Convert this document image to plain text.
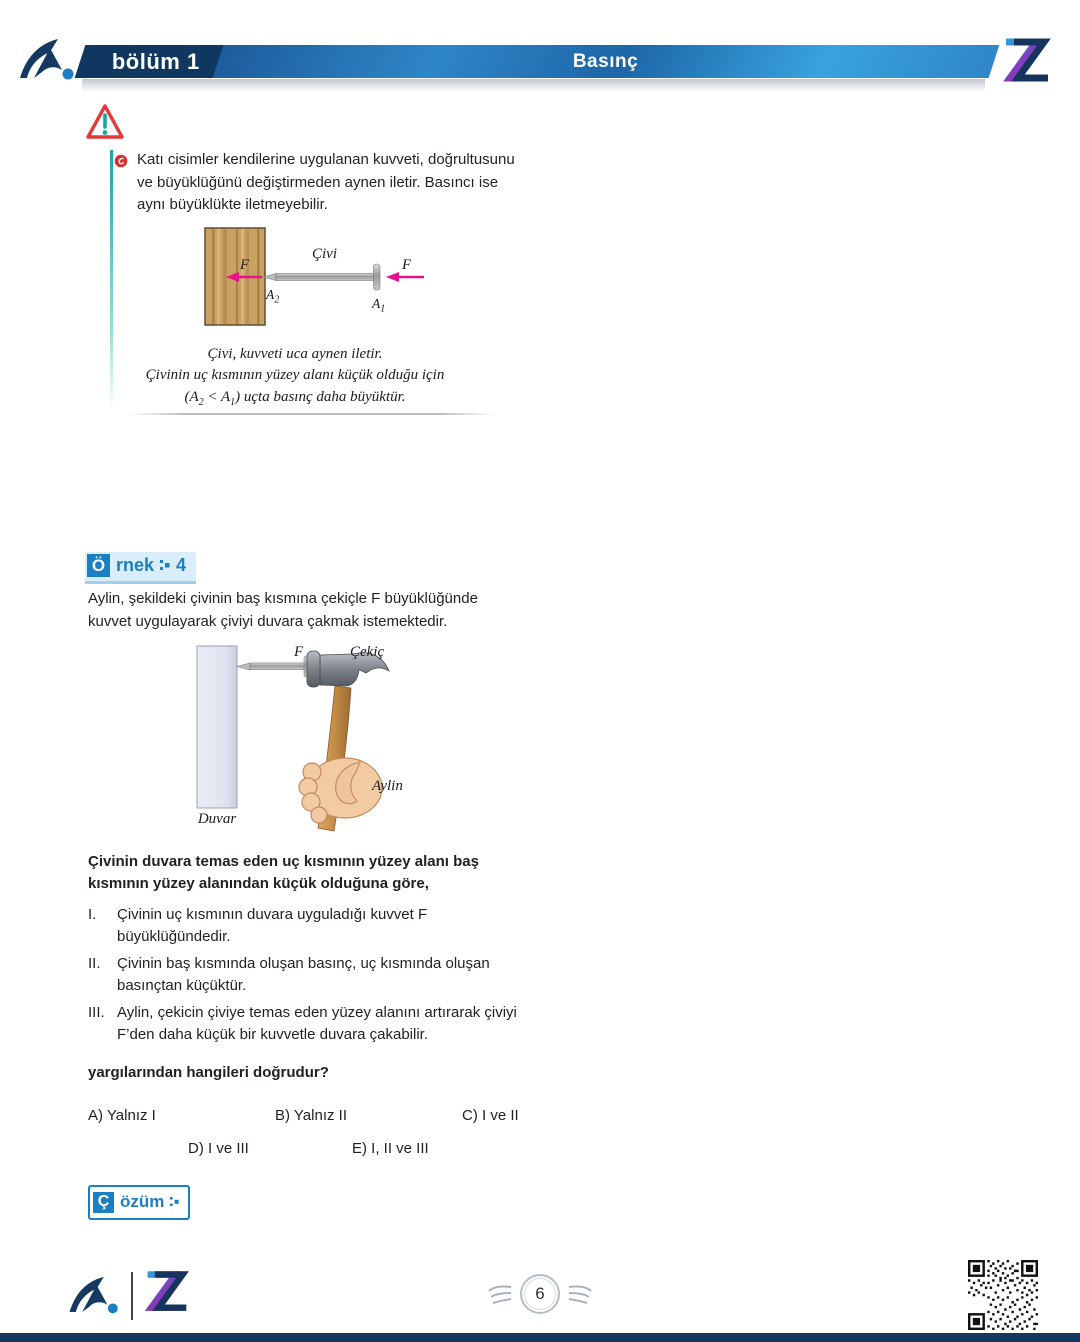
bölüm 1	Basınç
Katı cisimler kendilerine uygulanan kuvveti, doğrultusunu ve büyüklüğünü değiştirmeden aynen iletir. Basıncı ise aynı büyüklükte iletmeyebilir.
Çivi
F	F
$A_2$	$A_1$
Çivi, kuvveti uca aynen iletir.
Çivinin uç kısmının yüzey alanı küçük olduğu için
$(A_2 < A_1)$ uçta basınç daha büyüktür.
Ö rnek 4
Aylin, şekildeki çivinin baş kısmına çekiçle F büyüklüğünde kuvvet uygulayarak çiviyi duvara çakmak istemektedir.
F	Çekiç
Aylin
Duvar
Çivinin duvara temas eden uç kısmının yüzey alanı baş kısmının yüzey alanından küçük olduğuna göre,
I.	Çivinin uç kısmının duvara uyguladığı kuvvet F büyüklüğündedir.
II.	Çivinin baş kısmında oluşan basınç, uç kısmında oluşan basınçtan küçüktür.
III. Aylin, çekicin çiviye temas eden yüzey alanını artırarak çiviyi F’den daha küçük bir kuvvetle duvara çakabilir.
yargılarından hangileri doğrudur?
A) Yalnız I	B) Yalnız II	C) I ve II
D) I ve III	E) I, II ve III
Ç özüm
6
